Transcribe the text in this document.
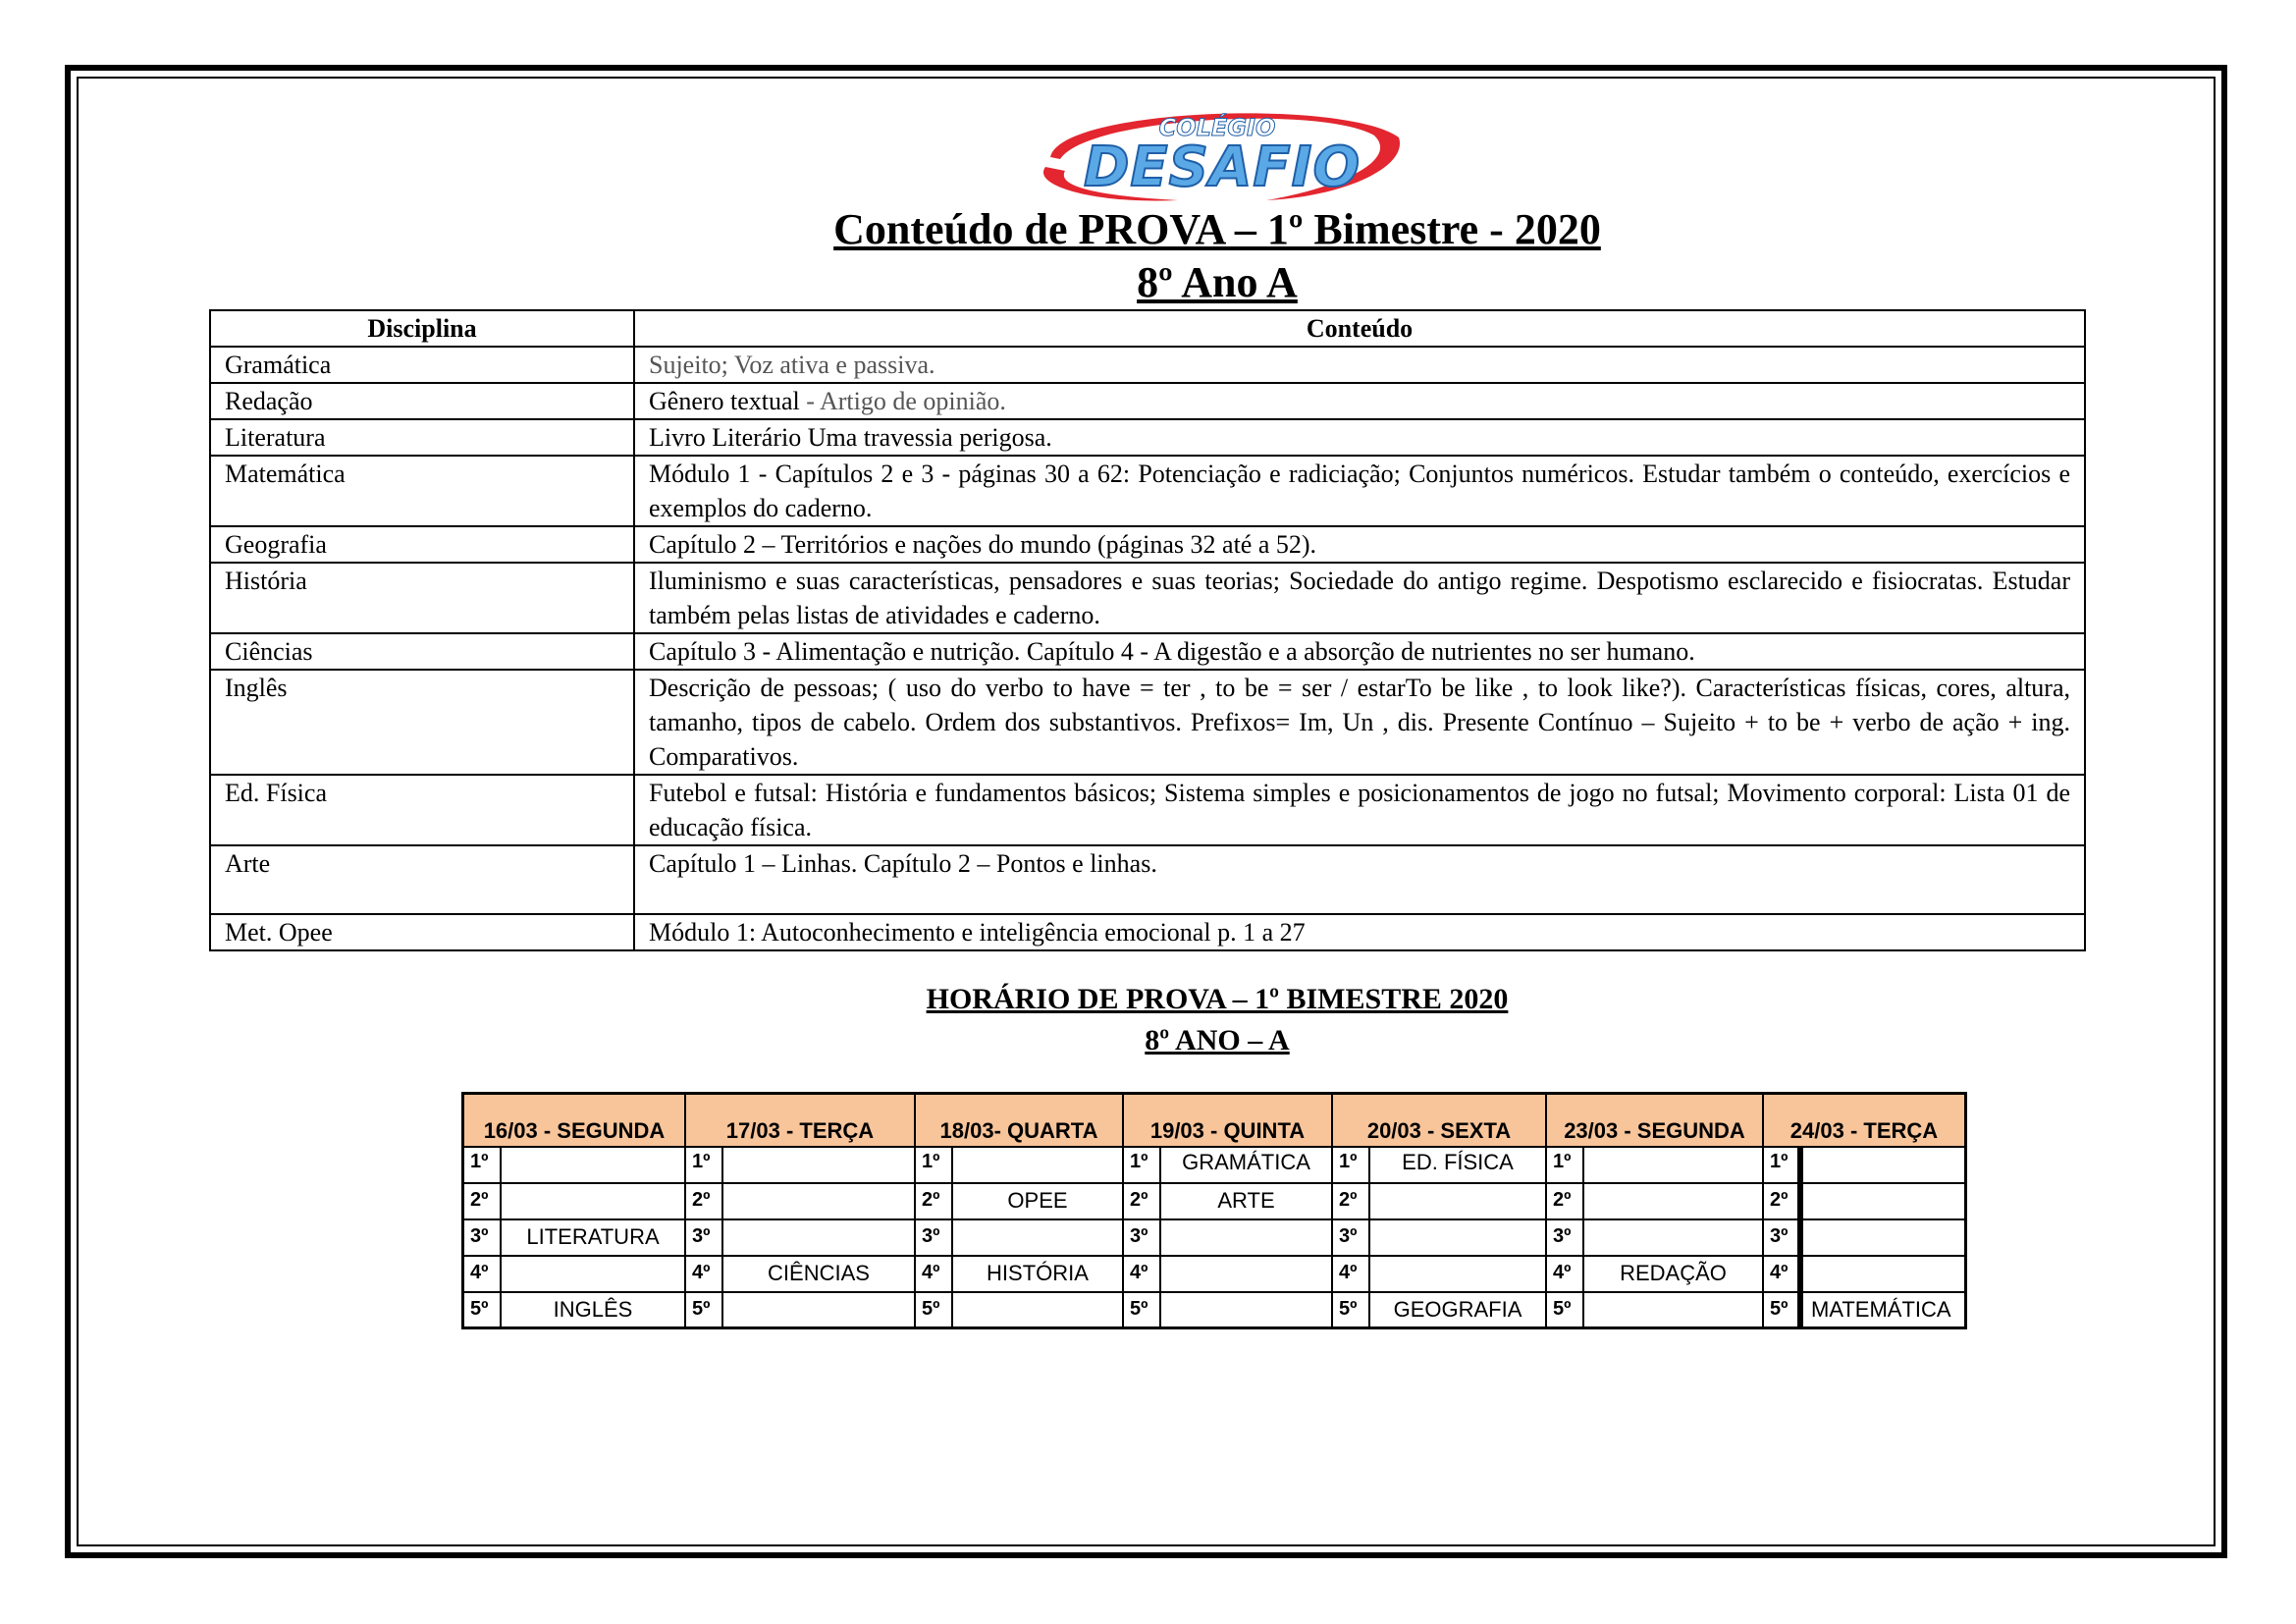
COLÉGIO
DESAFIO
Conteúdo de PROVA – 1º Bimestre - 2020
8º Ano A
Disciplina	Conteúdo
Gramática	Sujeito; Voz ativa e passiva.
Redação	Gênero textual - Artigo de opinião.
Literatura	Livro Literário Uma travessia perigosa.
Matemática	Módulo 1 - Capítulos 2 e 3 - páginas 30 a 62: Potenciação e radiciação; Conjuntos numéricos. Estudar também o conteúdo, exercícios e exemplos do caderno.
Geografia	Capítulo 2 – Territórios e nações do mundo (páginas 32 até a 52).
História	Iluminismo e suas características, pensadores e suas teorias; Sociedade do antigo regime. Despotismo esclarecido e fisiocratas. Estudar também pelas listas de atividades e caderno.
Ciências	Capítulo 3 - Alimentação e nutrição. Capítulo 4 - A digestão e a absorção de nutrientes no ser humano.
Inglês	Descrição de pessoas; ( uso do verbo to have = ter , to be = ser / estarTo be like , to look like?). Características físicas, cores, altura, tamanho, tipos de cabelo. Ordem dos substantivos. Prefixos= Im, Un , dis. Presente Contínuo – Sujeito + to be + verbo de ação + ing. Comparativos.
Ed. Física	Futebol e futsal: História e fundamentos básicos; Sistema simples e posicionamentos de jogo no futsal; Movimento corporal: Lista 01 de educação física.
Arte	Capítulo 1 – Linhas. Capítulo 2 – Pontos e linhas.
Met. Opee	Módulo 1: Autoconhecimento e inteligência emocional p. 1 a 27
HORÁRIO DE PROVA – 1º BIMESTRE 2020
8º ANO – A
16/03 - SEGUNDA
1º
2º
3º	LITERATURA
4º
5º	INGLÊS
17/03 - TERÇA
1º
2º
3º
4º	CIÊNCIAS
5º
18/03- QUARTA
1º
2º	OPEE
3º
4º	HISTÓRIA
5º
19/03 - QUINTA
1º	GRAMÁTICA
2º	ARTE
3º
4º
5º
20/03 - SEXTA
1º	ED. FÍSICA
2º
3º
4º
5º	GEOGRAFIA
23/03 - SEGUNDA
1º
2º
3º
4º	REDAÇÃO
5º
24/03 - TERÇA
1º
2º
3º
4º
5º	MATEMÁTICA
